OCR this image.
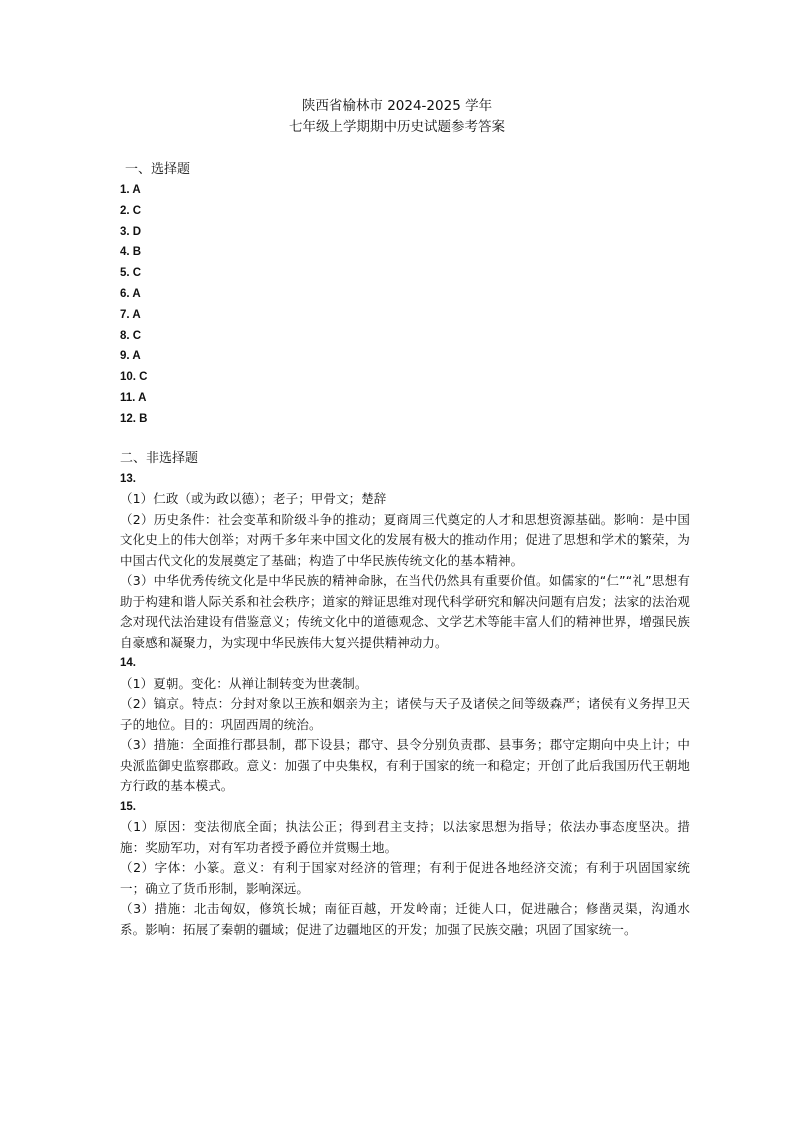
陕西省榆林市 2024-2025 学年
七年级上学期期中历史试题参考答案
一、选择题
1. A
2. C
3. D
4. B
5. C
6. A
7. A
8. C
9. A
10. C
11. A
12. B
二、非选择题
13.

（1）仁政（或为政以德）；老子；甲骨文；楚辞

（2）历史条件：社会变革和阶级斗争的推动；夏商周三代奠定的人才和思想资源基础。影响：是中国文化史上的伟大创举；对两千多年来中国文化的发展有极大的推动作用；促进了思想和学术的繁荣，为中国古代文化的发展奠定了基础；构造了中华民族传统文化的基本精神。

（3）中华优秀传统文化是中华民族的精神命脉，在当代仍然具有重要价值。如儒家的“仁”“礼”思想有助于构建和谐人际关系和社会秩序；道家的辩证思维对现代科学研究和解决问题有启发；法家的法治观念对现代法治建设有借鉴意义；传统文化中的道德观念、文学艺术等能丰富人们的精神世界，增强民族自豪感和凝聚力，为实现中华民族伟大复兴提供精神动力。

14.

（1）夏朝。变化：从禅让制转变为世袭制。

（2）镐京。特点：分封对象以王族和姻亲为主；诸侯与天子及诸侯之间等级森严；诸侯有义务捍卫天子的地位。目的：巩固西周的统治。

（3）措施：全面推行郡县制，郡下设县；郡守、县令分别负责郡、县事务；郡守定期向中央上计；中央派监御史监察郡政。意义：加强了中央集权，有利于国家的统一和稳定；开创了此后我国历代王朝地方行政的基本模式。

15.

（1）原因：变法彻底全面；执法公正；得到君主支持；以法家思想为指导；依法办事态度坚决。措施：奖励军功，对有军功者授予爵位并赏赐土地。

（2）字体：小篆。意义：有利于国家对经济的管理；有利于促进各地经济交流；有利于巩固国家统一；确立了货币形制，影响深远。

（3）措施：北击匈奴，修筑长城；南征百越，开发岭南；迁徙人口，促进融合；修凿灵渠，沟通水系。影响：拓展了秦朝的疆域；促进了边疆地区的开发；加强了民族交融；巩固了国家统一。
